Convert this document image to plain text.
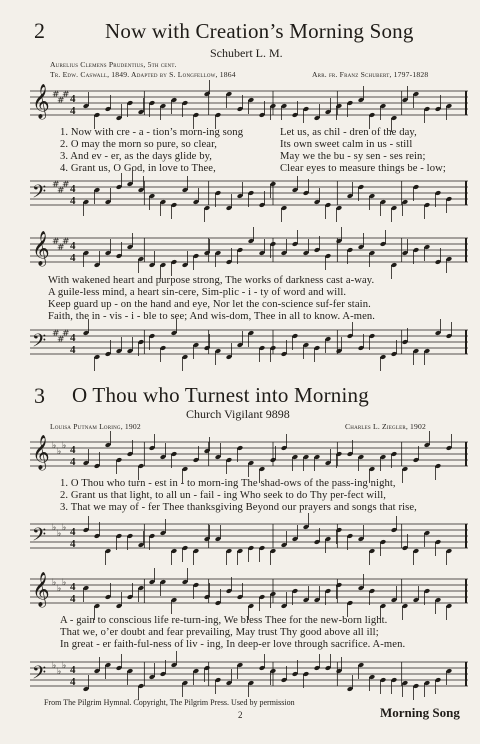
2	Now with Creation’s Morning Song
Schubert L. M.
Aurelius Clemens Prudentius, 5th cent.
Tr. Edw. Caswall, 1849. Adapted by S. Longfellow, 1864	Arr. fr. Franz Schubert, 1797-1828
𝄞 #
#
# 4
4
1. Now with cre - a - tion’s morn-ing song
2. O may the morn so pure, so clear,
3. And ev - er, as the days glide by,
4. Grant us, O God, in love to Thee,
Let us, as chil - dren of the day,
Its own sweet calm in us - still
May we the bu - sy sen - ses rein;
Clear eyes to measure things be - low;
𝄢 #
#
# 4
4
𝄞 #
#
# 4
4
With wakened heart and purpose strong, The works of darkness cast a-way.
A guile-less mind, a heart sin-cere, Sim-plic - i - ty of word and will.
Keep guard up - on the hand and eye, Nor let the con-science suf-fer stain.
Faith, the in - vis - i - ble to see; And wis-dom, Thee in all to know. A-men.
𝄢 #
#
# 4
4
3 O Thou who Turnest into Morning
Church Vigilant 9898
Louisa Putnam Loring, 1902	Charles L. Ziegler, 1902
𝄞 ♭
♭
♭ 4
4
1. O Thou who turn - est in - to morn-ing The shad-ows of the pass-ing night,
2. Grant us that light, to all un - fail - ing Who seek to do Thy per-fect will,
3. That we may of - fer Thee thanksgiving Beyond our prayers and songs that rise,
𝄢 ♭
♭
♭ 4
4
𝄞 ♭
♭
♭ 4
4
A - gain to conscious life re-turn-ing, We bless Thee for the new-born light.
That we, o’er doubt and fear prevailing, May trust Thy good above all ill;
In great - er faith-ful-ness of liv - ing, In deep-er love through sacrifice. A-men.
𝄢 ♭
♭
♭ 4
4
From The Pilgrim Hymnal. Copyright, The Pilgrim Press. Used by permission
2	Morning Song
